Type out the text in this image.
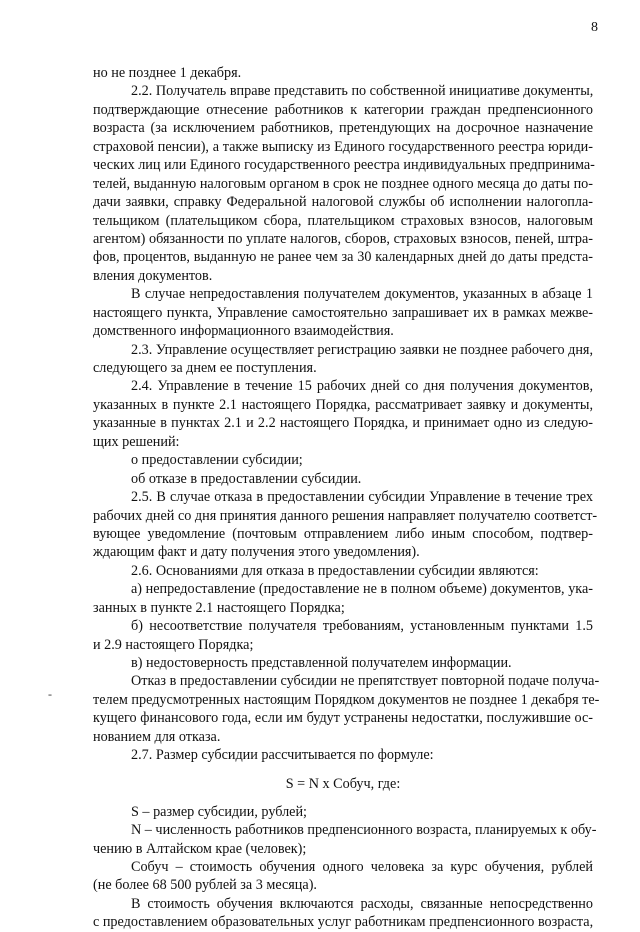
8
-
но не позднее 1 декабря.
2.2. Получатель вправе представить по собственной инициативе документы,
подтверждающие отнесение работников к категории граждан предпенсионного
возраста (за исключением работников, претендующих на досрочное назначение
страховой пенсии), а также выписку из Единого государственного реестра юриди-
ческих лиц или Единого государственного реестра индивидуальных предпринима-
телей, выданную налоговым органом в срок не позднее одного месяца до даты по-
дачи заявки, справку Федеральной налоговой службы об исполнении налогопла-
тельщиком (плательщиком сбора, плательщиком страховых взносов, налоговым
агентом) обязанности по уплате налогов, сборов, страховых взносов, пеней, штра-
фов, процентов, выданную не ранее чем за 30 календарных дней до даты предста-
вления документов.
В случае непредоставления получателем документов, указанных в абзаце 1
настоящего пункта, Управление самостоятельно запрашивает их в рамках межве-
домственного информационного взаимодействия.
2.3. Управление осуществляет регистрацию заявки не позднее рабочего дня,
следующего за днем ее поступления.
2.4. Управление в течение 15 рабочих дней со дня получения документов,
указанных в пункте 2.1 настоящего Порядка, рассматривает заявку и документы,
указанные в пунктах 2.1 и 2.2 настоящего Порядка, и принимает одно из следую-
щих решений:
о предоставлении субсидии;
об отказе в предоставлении субсидии.
2.5. В случае отказа в предоставлении субсидии Управление в течение трех
рабочих дней со дня принятия данного решения направляет получателю соответст-
вующее уведомление (почтовым отправлением либо иным способом, подтвер-
ждающим факт и дату получения этого уведомления).
2.6. Основаниями для отказа в предоставлении субсидии являются:
а) непредоставление (предоставление не в полном объеме) документов, ука-
занных в пункте 2.1 настоящего Порядка;
б) несоответствие получателя требованиям, установленным пунктами 1.5
и 2.9 настоящего Порядка;
в) недостоверность представленной получателем информации.
Отказ в предоставлении субсидии не препятствует повторной подаче получа-
телем предусмотренных настоящим Порядком документов не позднее 1 декабря те-
кущего финансового года, если им будут устранены недостатки, послужившие ос-
нованием для отказа.
2.7. Размер субсидии рассчитывается по формуле:
S = N x Cобуч, где:
S – размер субсидии, рублей;
N – численность работников предпенсионного возраста, планируемых к обу-
чению в Алтайском крае (человек);
Cобуч – стоимость обучения одного человека за курс обучения, рублей
(не более 68 500 рублей за 3 месяца).
В стоимость обучения включаются расходы, связанные непосредственно
с предоставлением образовательных услуг работникам предпенсионного возраста,
